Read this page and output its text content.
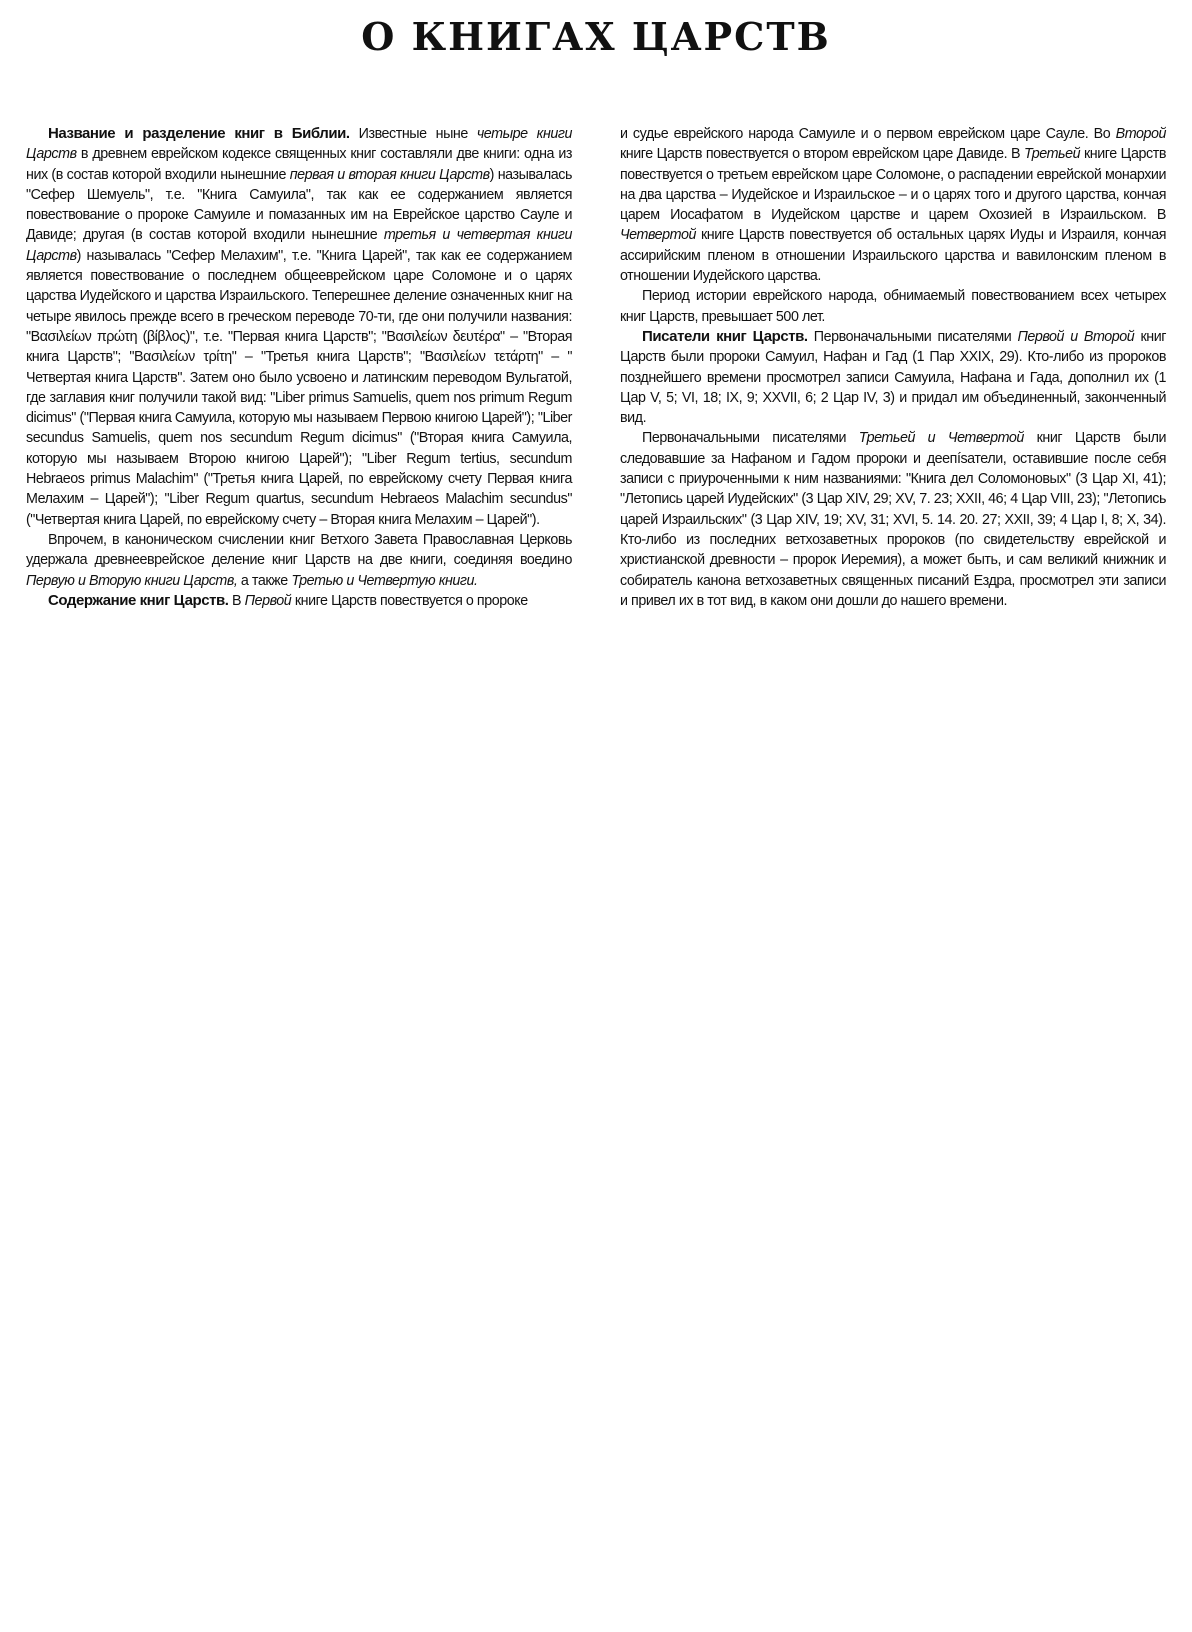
О КНИГАХ ЦАРСТВ

Название и разделение книг в Библии. Известные ныне четыре книги Царств в древнем еврейском кодексе священных книг составляли две книги: одна из них (в состав которой входили нынешние первая и вторая книги Царств) называлась "Сефер Шемуель", т.е. "Книга Самуила", так как ее содержанием является повествование о пророке Самуиле и помазанных им на Еврейское царство Сауле и Давиде; другая (в состав которой входили нынешние третья и четвертая книги Царств) называлась "Сефер Мелахим", т.е. "Книга Царей", так как ее содержанием является повествование о последнем общееврейском царе Соломоне и о царях царства Иудейского и царства Израильского. Теперешнее деление означенных книг на четыре явилось прежде всего в греческом переводе 70-ти, где они получили названия: "Βασιλείων πρώτη (βίβλος)", т.е. "Первая книга Царств"; "Βασιλείων δευτέρα" – "Вторая книга Царств"; "Βασιλείων τρίτη" – "Третья книга Царств"; "Βασιλείων τετάρτη" – " Четвертая книга Царств". Затем оно было усвоено и латинским переводом Вульгатой, где заглавия книг получили такой вид: "Liber primus Samuelis, quem nos primum Regum dicimus" ("Первая книга Самуила, которую мы называем Первою книгою Царей"); "Liber secundus Samuelis, quem nos secundum Regum dicimus" ("Вторая книга Самуила, которую мы называем Второю книгою Царей"); "Liber Regum tertius, secundum Hebraeos primus Malachim" ("Третья книга Царей, по еврейскому счету Первая книга Мелахим – Царей"); "Liber Regum quartus, secundum Hebraeos Malachim secundus" ("Четвертая книга Царей, по еврейскому счету – Вторая книга Мелахим – Царей").

Впрочем, в каноническом счислении книг Ветхого Завета Православная Церковь удержала древнееврейское деление книг Царств на две книги, соединяя воедино Первую и Вторую книги Царств, а также Третью и Четвертую книги.

Содержание книг Царств. В Первой книге Царств повествуется о пророке

и судье еврейского народа Самуиле и о первом еврейском царе Сауле. Во Второй книге Царств повествуется о втором еврейском царе Давиде. В Третьей книге Царств повествуется о третьем еврейском царе Соломоне, о распадении еврейской монархии на два царства – Иудейское и Израильское – и о царях того и другого царства, кончая царем Иосафатом в Иудейском царстве и царем Охозией в Израильском. В Четвертой книге Царств повествуется об остальных царях Иуды и Израиля, кончая ассирийским пленом в отношении Израильского царства и вавилонским пленом в отношении Иудейского царства.

Период истории еврейского народа, обнимаемый повествованием всех четырех книг Царств, превышает 500 лет.

Писатели книг Царств. Первоначальными писателями Первой и Второй книг Царств были пророки Самуил, Нафан и Гад (1 Пар XXIX, 29). Кто-либо из пророков позднейшего времени просмотрел записи Самуила, Нафана и Гада, дополнил их (1 Цар V, 5; VI, 18; IX, 9; XXVII, 6; 2 Цар IV, 3) и придал им объединенный, законченный вид.

Первоначальными писателями Третьей и Четвертой книг Царств были следовавшие за Нафаном и Гадом пророки и деепísатели, оставившие после себя записи с приуроченными к ним названиями: "Книга дел Соломоновых" (3 Цар XI, 41); "Летопись царей Иудейских" (3 Цар XIV, 29; XV, 7. 23; XXII, 46; 4 Цар VIII, 23); "Летопись царей Израильских" (3 Цар XIV, 19; XV, 31; XVI, 5. 14. 20. 27; XXII, 39; 4 Цар I, 8; X, 34). Кто-либо из последних ветхозаветных пророков (по свидетельству еврейской и христианской древности – пророк Иеремия), а может быть, и сам великий книжник и собиратель канона ветхозаветных священных писаний Ездра, просмотрел эти записи и привел их в тот вид, в каком они дошли до нашего времени.
